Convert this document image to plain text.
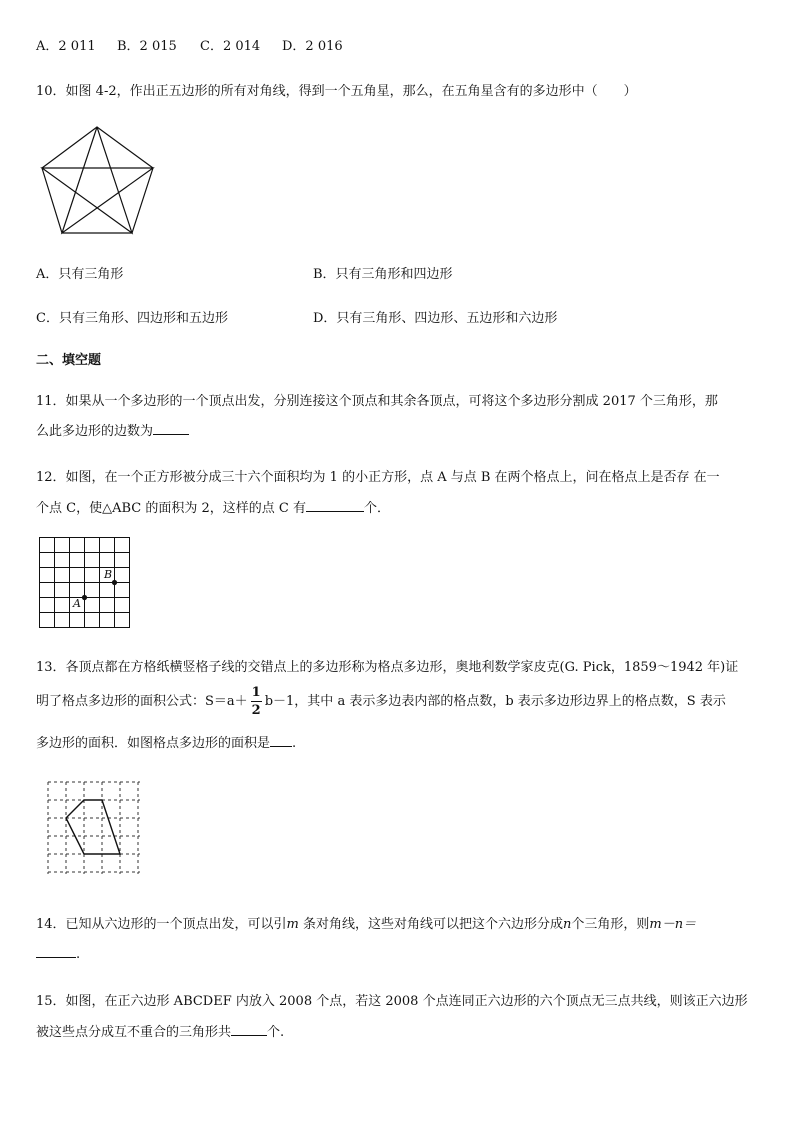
A．2 011 B．2 015 C．2 014 D．2 016
10．如图 4-2，作出正五边形的所有对角线，得到一个五角星，那么，在五角星含有的多边形中（　　）
A．只有三角形	B．只有三角形和四边形
C．只有三角形、四边形和五边形	D．只有三角形、四边形、五边形和六边形
二、填空题
11．如果从一个多边形的一个顶点出发，分别连接这个顶点和其余各顶点，可将这个多边形分割成 2017 个三角形，那
么此多边形的边数为
12．如图，在一个正方形被分成三十六个面积均为 1 的小正方形，点 A 与点 B 在两个格点上，问在格点上是否存 在一
个点 C，使△ABC 的面积为 2，这样的点 C 有	个．
A
B
13．各顶点都在方格纸横竖格子线的交错点上的多边形称为格点多边形，奥地利数学家皮克(G. Pick，1859～1942 年)证
明了格点多边形的面积公式：$S=a+ \frac{1}{2} b-1$，其中 a 表示多边表内部的格点数，b 表示多边形边界上的格点数，S 表示
多边形的面积．如图格点多边形的面积是 .
14．已知从六边形的一个顶点出发，可以引m 条对角线，这些对角线可以把这个六边形分成n个三角形，则m－n＝
.
15．如图，在正六边形 ABCDEF 内放入 2008 个点，若这 2008 个点连同正六边形的六个顶点无三点共线，则该正六边形
被这些点分成互不重合的三角形共	个.
